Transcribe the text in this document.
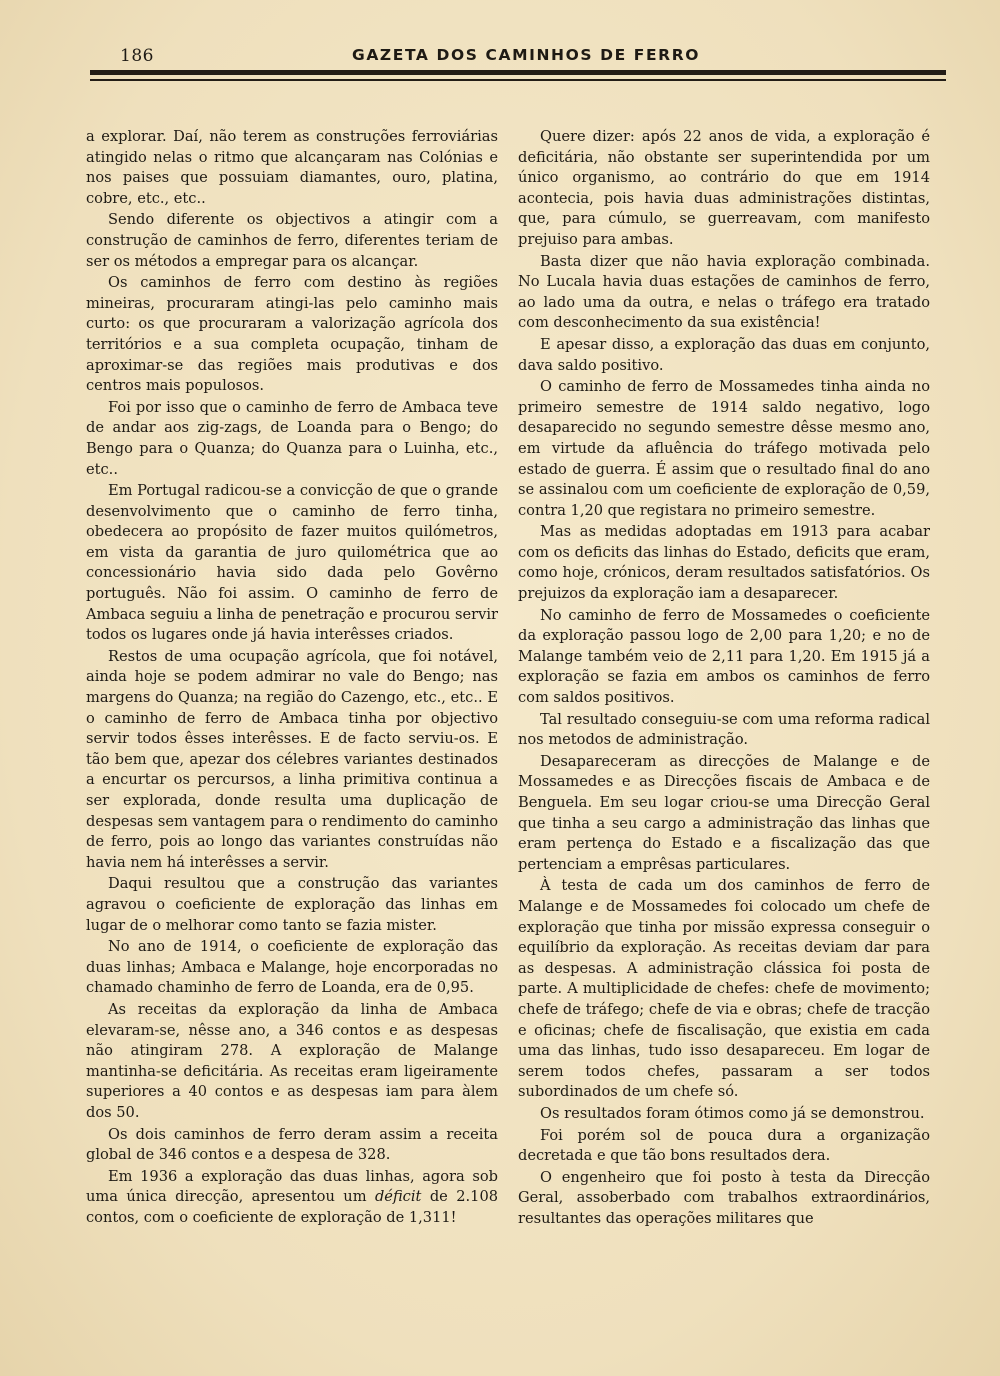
186	GAZETA DOS CAMINHOS DE FERRO

a explorar. Daí, não terem as construções ferroviárias atingido nelas o ritmo que alcançaram nas Colónias e nos paises que possuiam diamantes, ouro, platina, cobre, etc., etc..

Sendo diferente os objectivos a atingir com a construção de caminhos de ferro, diferentes teriam de ser os métodos a empregar para os alcançar.

Os caminhos de ferro com destino às regiões mineiras, procuraram atingi-las pelo caminho mais curto: os que procuraram a valorização agrícola dos territórios e a sua completa ocupação, tinham de aproximar-se das regiões mais produtivas e dos centros mais populosos.

Foi por isso que o caminho de ferro de Ambaca teve de andar aos zig-zags, de Loanda para o Bengo; do Bengo para o Quanza; do Quanza para o Luinha, etc., etc..

Em Portugal radicou-se a convicção de que o grande desenvolvimento que o caminho de ferro tinha, obedecera ao propósito de fazer muitos quilómetros, em vista da garantia de juro quilométrica que ao concessionário havia sido dada pelo Govêrno português. Não foi assim. O caminho de ferro de Ambaca seguiu a linha de penetração e procurou servir todos os lugares onde já havia interêsses criados.

Restos de uma ocupação agrícola, que foi notável, ainda hoje se podem admirar no vale do Bengo; nas margens do Quanza; na região do Cazengo, etc., etc.. E o caminho de ferro de Ambaca tinha por objectivo servir todos êsses interêsses. E de facto serviu-os. E tão bem que, apezar dos célebres variantes destinados a encurtar os percursos, a linha primitiva continua a ser explorada, donde resulta uma duplicação de despesas sem vantagem para o rendimento do caminho de ferro, pois ao longo das variantes construídas não havia nem há interêsses a servir.

Daqui resultou que a construção das variantes agravou o coeficiente de exploração das linhas em lugar de o melhorar como tanto se fazia mister.

No ano de 1914, o coeficiente de exploração das duas linhas; Ambaca e Malange, hoje encorporadas no chamado chaminho de ferro de Loanda, era de 0,95.

As receitas da exploração da linha de Ambaca elevaram-se, nêsse ano, a 346 contos e as despesas não atingiram 278. A exploração de Malange mantinha-se deficitária. As receitas eram ligeiramente superiores a 40 contos e as despesas iam para àlem dos 50.

Os dois caminhos de ferro deram assim a receita global de 346 contos e a despesa de 328.

Em 1936 a exploração das duas linhas, agora sob uma única direcção, apresentou um déficit de 2.108 contos, com o coeficiente de exploração de 1,311!

Quere dizer: após 22 anos de vida, a exploração é deficitária, não obstante ser superintendida por um único organismo, ao contrário do que em 1914 acontecia, pois havia duas administrações distintas, que, para cúmulo, se guerreavam, com manifesto prejuiso para ambas.

Basta dizer que não havia exploração combinada. No Lucala havia duas estações de caminhos de ferro, ao lado uma da outra, e nelas o tráfego era tratado com desconhecimento da sua existência!

E apesar disso, a exploração das duas em conjunto, dava saldo positivo.

O caminho de ferro de Mossamedes tinha ainda no primeiro semestre de 1914 saldo negativo, logo desaparecido no segundo semestre dêsse mesmo ano, em virtude da afluência do tráfego motivada pelo estado de guerra. É assim que o resultado final do ano se assinalou com um coeficiente de exploração de 0,59, contra 1,20 que registara no primeiro semestre.

Mas as medidas adoptadas em 1913 para acabar com os deficits das linhas do Estado, deficits que eram, como hoje, crónicos, deram resultados satisfatórios. Os prejuizos da exploração iam a desaparecer.

No caminho de ferro de Mossamedes o coeficiente da exploração passou logo de 2,00 para 1,20; e no de Malange também veio de 2,11 para 1,20. Em 1915 já a exploração se fazia em ambos os caminhos de ferro com saldos positivos.

Tal resultado conseguiu-se com uma reforma radical nos metodos de administração.

Desapareceram as direcções de Malange e de Mossamedes e as Direcções fiscais de Ambaca e de Benguela. Em seu logar criou-se uma Direcção Geral que tinha a seu cargo a administração das linhas que eram pertença do Estado e a fiscalização das que pertenciam a emprêsas particulares.

À testa de cada um dos caminhos de ferro de Malange e de Mossamedes foi colocado um chefe de exploração que tinha por missão expressa conseguir o equilíbrio da exploração. As receitas deviam dar para as despesas. A administração clássica foi posta de parte. A multiplicidade de chefes: chefe de movimento; chefe de tráfego; chefe de via e obras; chefe de tracção e oficinas; chefe de fiscalisação, que existia em cada uma das linhas, tudo isso desapareceu. Em logar de serem todos chefes, passaram a ser todos subordinados de um chefe só.

Os resultados foram ótimos como já se demonstrou.

Foi porém sol de pouca dura a organização decretada e que tão bons resultados dera.

O engenheiro que foi posto à testa da Direcção Geral, assoberbado com trabalhos extraordinários, resultantes das operações militares que
